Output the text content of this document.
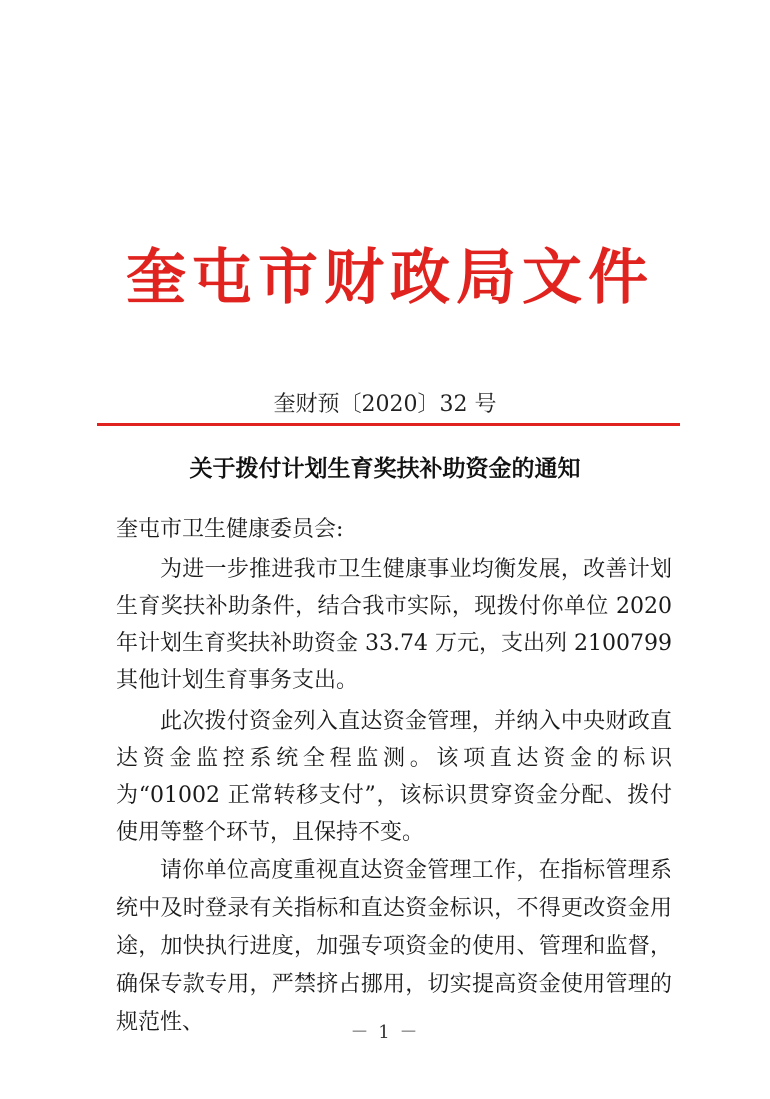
奎屯市财政局文件
奎财预〔2020〕32 号
关于拨付计划生育奖扶补助资金的通知
奎屯市卫生健康委员会:
为进一步推进我市卫生健康事业均衡发展，改善计划生育奖扶补助条件，结合我市实际，现拨付你单位 2020 年计划生育奖扶补助资金 33.74 万元，支出列 2100799 其他计划生育事务支出。
此次拨付资金列入直达资金管理，并纳入中央财政直达资金监控系统全程监测。该项直达资金的标识为“01002 正常转移支付”，该标识贯穿资金分配、拨付使用等整个环节，且保持不变。
请你单位高度重视直达资金管理工作，在指标管理系统中及时登录有关指标和直达资金标识，不得更改资金用途，加快执行进度，加强专项资金的使用、管理和监督，确保专款专用，严禁挤占挪用，切实提高资金使用管理的规范性、	－ 1 －
